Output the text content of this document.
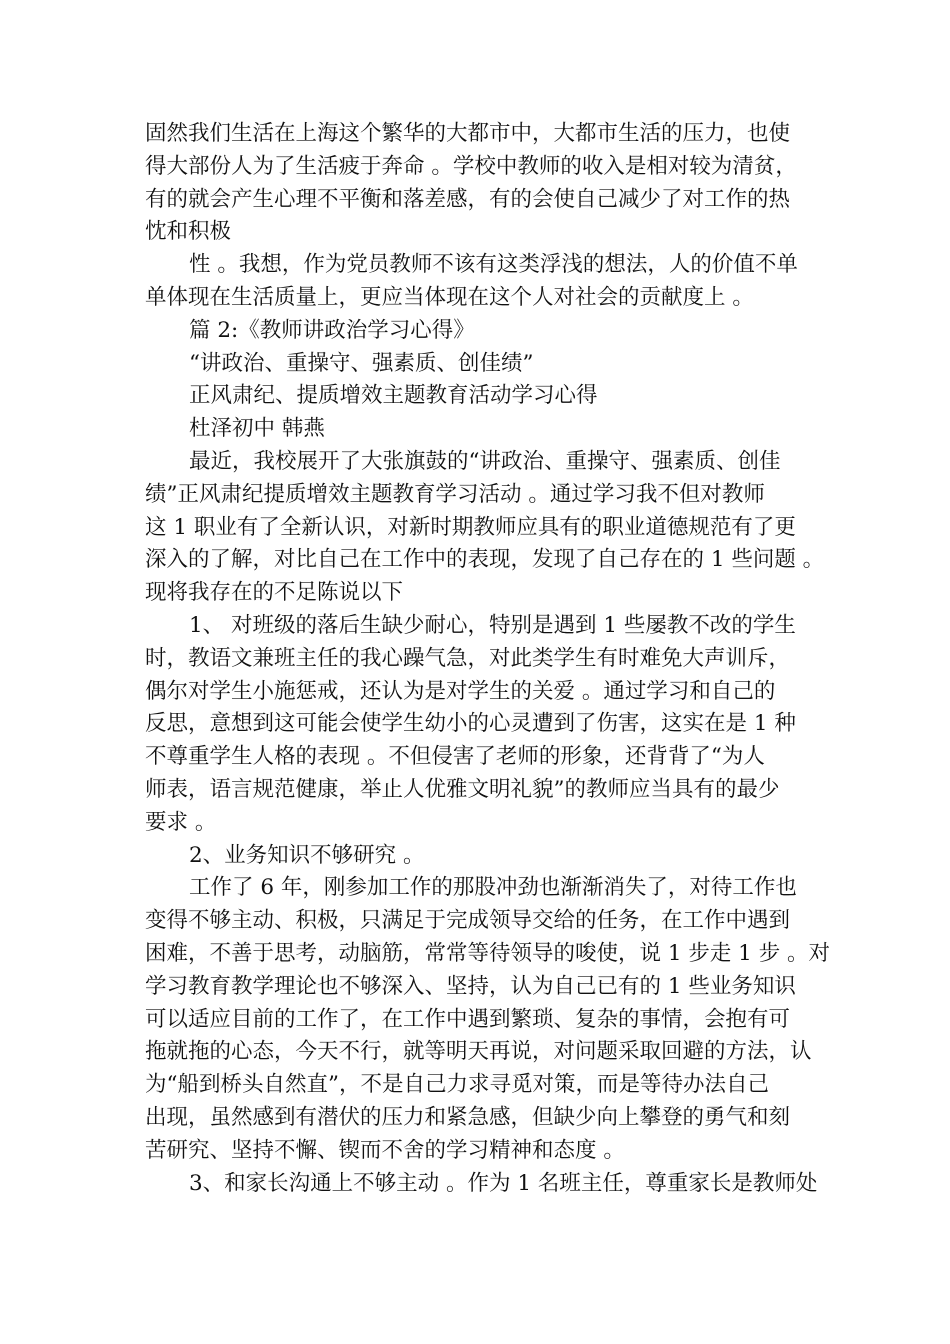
固然我们生活在上海这个繁华的大都市中，大都市生活的压力，也使
得大部份人为了生活疲于奔命 。学校中教师的收入是相对较为清贫，
有的就会产生心理不平衡和落差感，有的会使自己减少了对工作的热
忱和积极
性 。我想，作为党员教师不该有这类浮浅的想法，人的价值不单
单体现在生活质量上，更应当体现在这个人对社会的贡献度上 。
篇 2:《教师讲政治学习心得》
“讲政治、重操守、强素质、创佳绩”
正风肃纪、提质增效主题教育活动学习心得
杜泽初中 韩燕
最近，我校展开了大张旗鼓的“讲政治、重操守、强素质、创佳
绩”正风肃纪提质增效主题教育学习活动 。通过学习我不但对教师
这 1 职业有了全新认识，对新时期教师应具有的职业道德规范有了更
深入的了解，对比自己在工作中的表现，发现了自己存在的 1 些问题 。
现将我存在的不足陈说以下
1、 对班级的落后生缺少耐心，特别是遇到 1 些屡教不改的学生
时，教语文兼班主任的我心躁气急，对此类学生有时难免大声训斥，
偶尔对学生小施惩戒，还认为是对学生的关爱 。通过学习和自己的
反思，意想到这可能会使学生幼小的心灵遭到了伤害，这实在是 1 种
不尊重学生人格的表现 。不但侵害了老师的形象，还背背了“为人
师表，语言规范健康，举止人优雅文明礼貌”的教师应当具有的最少
要求 。
2、业务知识不够研究 。
工作了 6 年，刚参加工作的那股冲劲也渐渐消失了，对待工作也
变得不够主动、积极，只满足于完成领导交给的任务，在工作中遇到
困难，不善于思考，动脑筋，常常等待领导的唆使，说 1 步走 1 步 。对
学习教育教学理论也不够深入、坚持，认为自己已有的 1 些业务知识
可以适应目前的工作了，在工作中遇到繁琐、复杂的事情，会抱有可
拖就拖的心态，今天不行，就等明天再说，对问题采取回避的方法，认
为“船到桥头自然直”，不是自己力求寻觅对策，而是等待办法自己
出现，虽然感到有潜伏的压力和紧急感，但缺少向上攀登的勇气和刻
苦研究、坚持不懈、锲而不舍的学习精神和态度 。
3、和家长沟通上不够主动 。作为 1 名班主任，尊重家长是教师处
